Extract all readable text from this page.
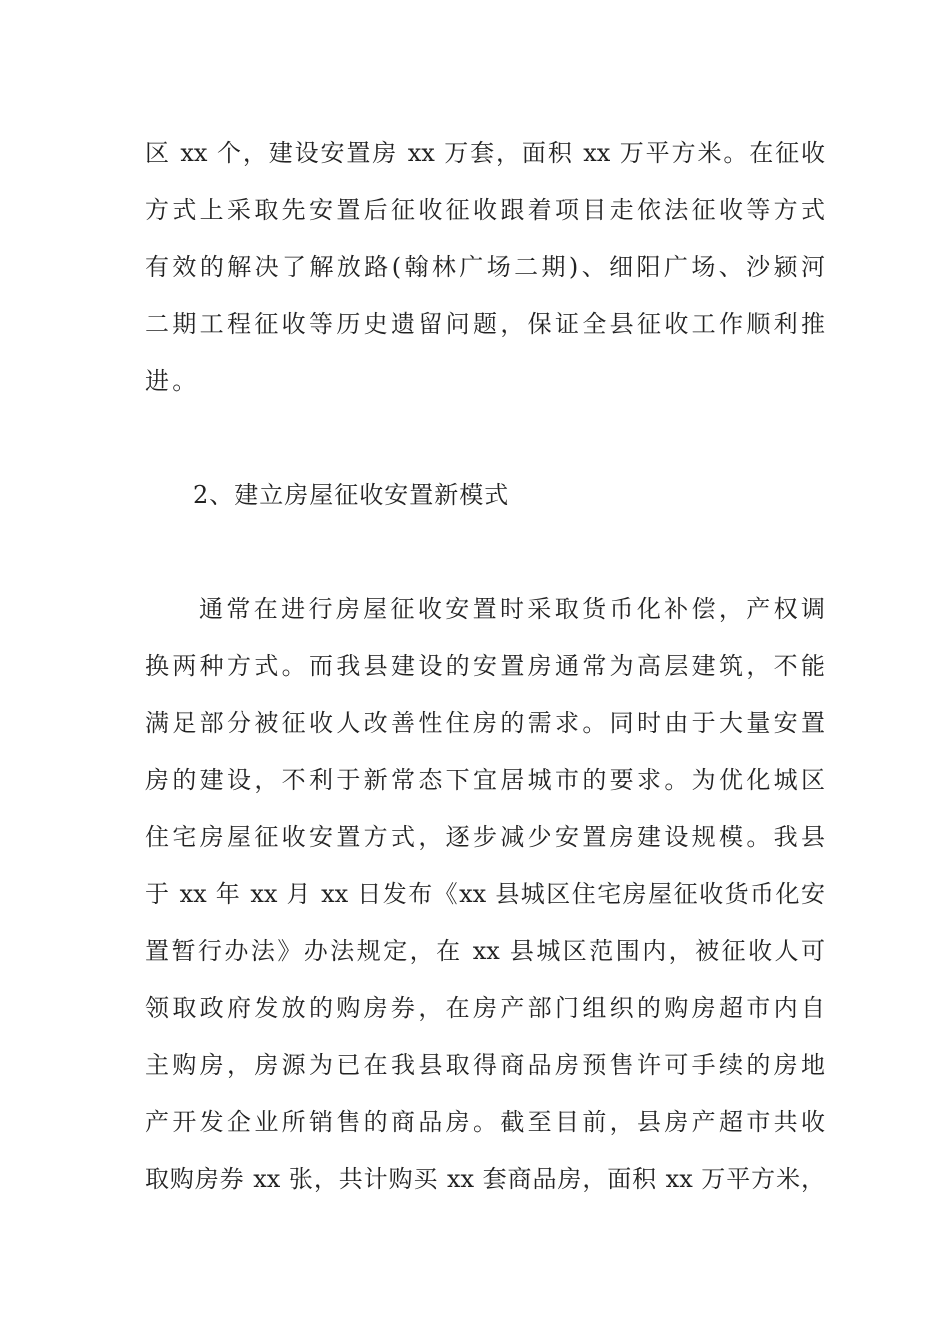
区 xx 个，建设安置房 xx 万套，面积 xx 万平方米。在征收
方式上采取先安置后征收征收跟着项目走依法征收等方式
有效的解决了解放路(翰林广场二期)、细阳广场、沙颍河
二期工程征收等历史遗留问题，保证全县征收工作顺利推
进。
2、建立房屋征收安置新模式
通常在进行房屋征收安置时采取货币化补偿，产权调
换两种方式。而我县建设的安置房通常为高层建筑，不能
满足部分被征收人改善性住房的需求。同时由于大量安置
房的建设，不利于新常态下宜居城市的要求。为优化城区
住宅房屋征收安置方式，逐步减少安置房建设规模。我县
于 xx 年 xx 月 xx 日发布《xx 县城区住宅房屋征收货币化安
置暂行办法》办法规定，在 xx 县城区范围内，被征收人可
领取政府发放的购房券，在房产部门组织的购房超市内自
主购房，房源为已在我县取得商品房预售许可手续的房地
产开发企业所销售的商品房。截至目前，县房产超市共收
取购房券 xx 张，共计购买 xx 套商品房，面积 xx 万平方米，
